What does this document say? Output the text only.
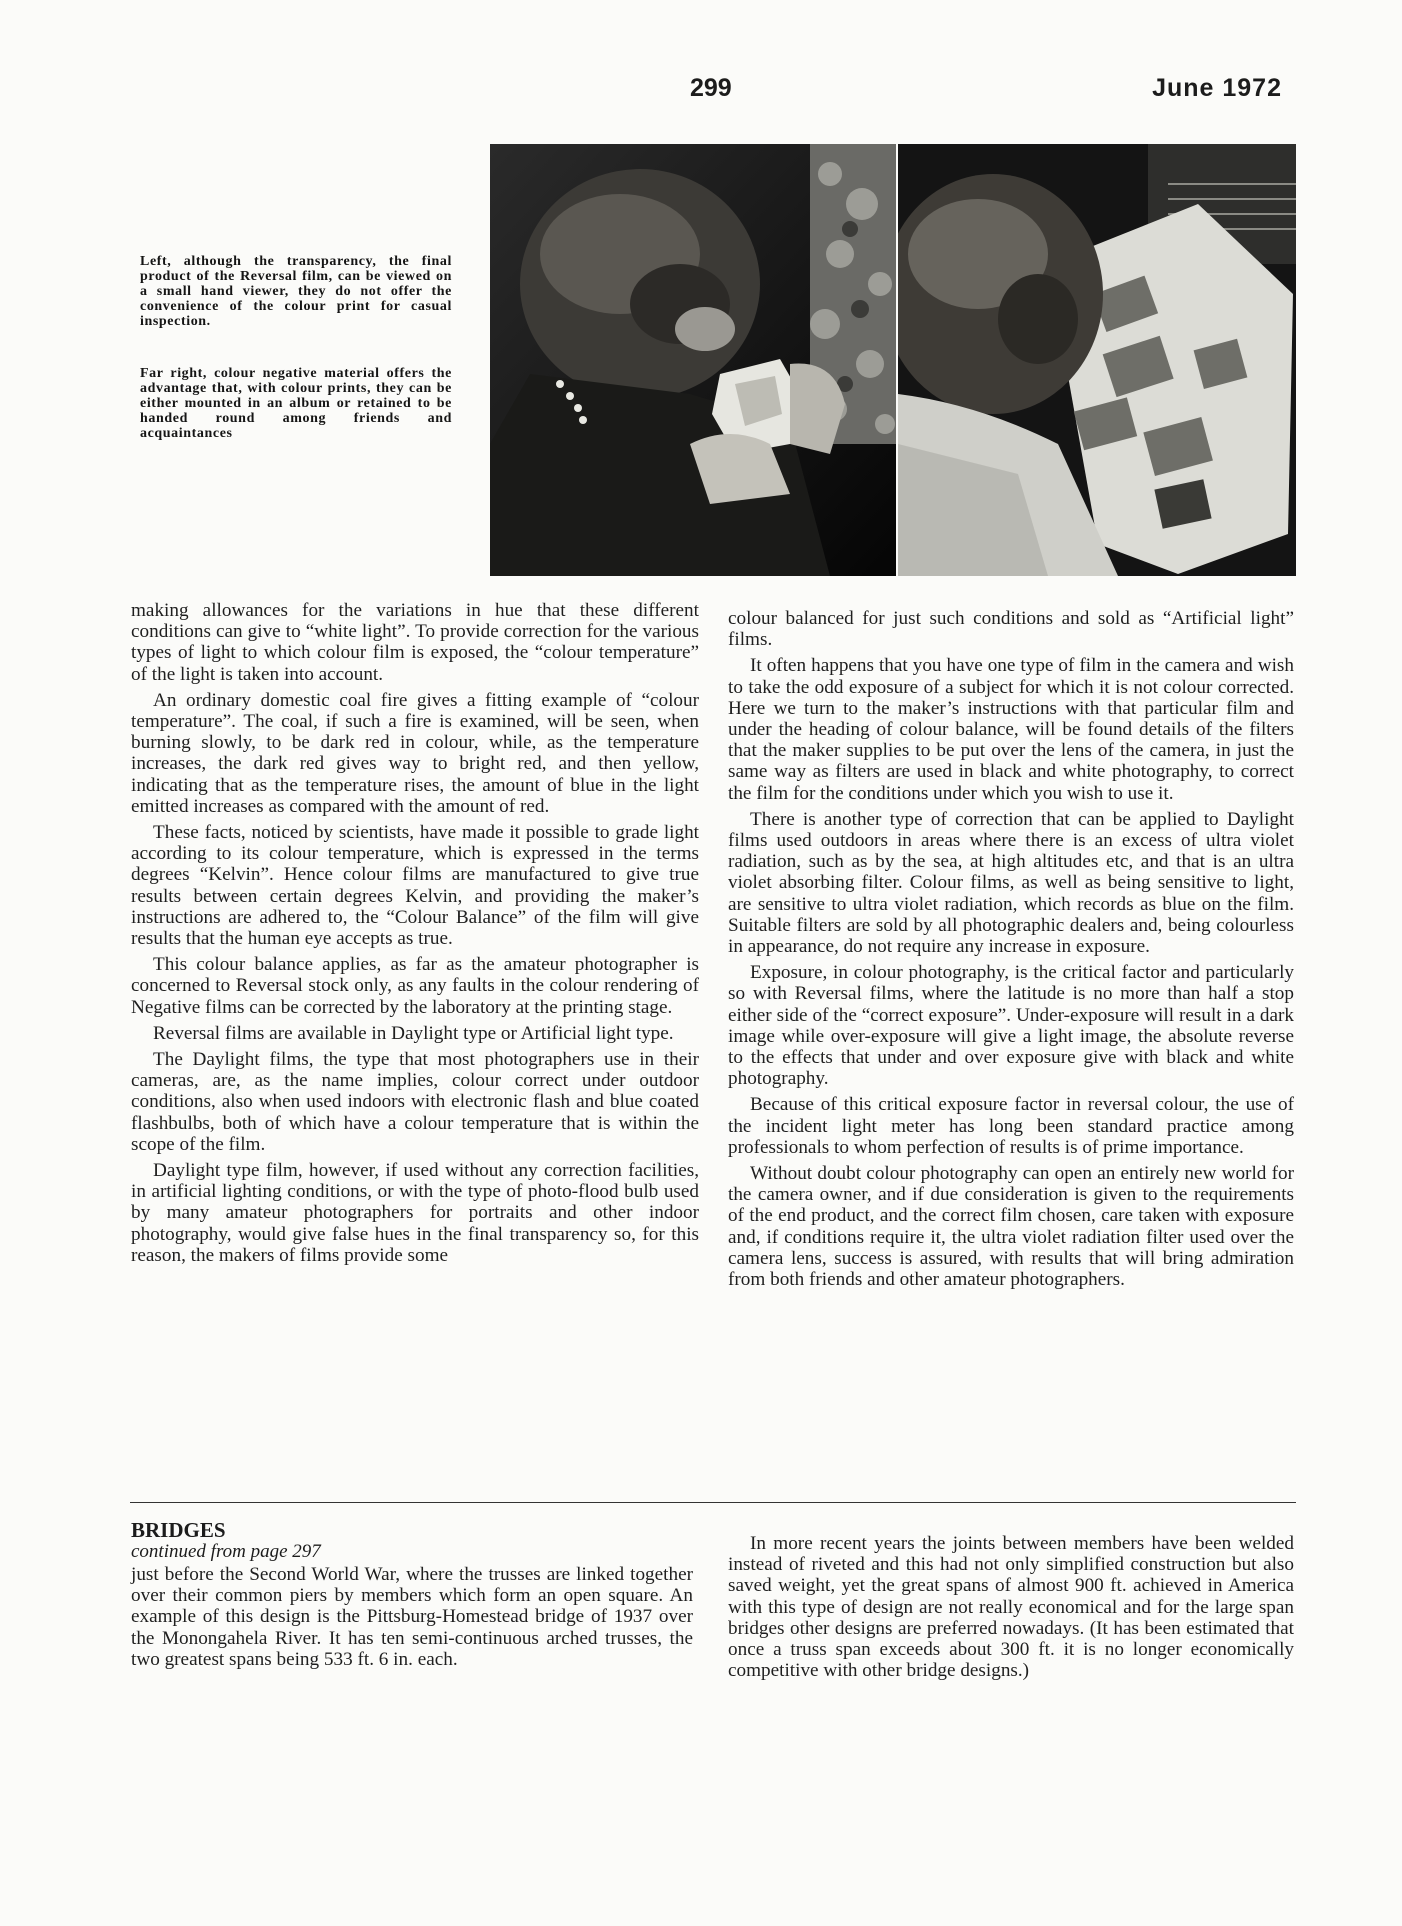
299	June 1972

Left, although the transparency, the final product of the Reversal film, can be viewed on a small hand viewer, they do not offer the convenience of the colour print for casual inspection.

Far right, colour negative material offers the advantage that, with colour prints, they can be either mounted in an album or retained to be handed round among friends and acquaintances

making allowances for the variations in hue that these different conditions can give to “white light”. To provide correction for the various types of light to which colour film is exposed, the “colour temperature” of the light is taken into account.

An ordinary domestic coal fire gives a fitting example of “colour temperature”. The coal, if such a fire is examined, will be seen, when burning slowly, to be dark red in colour, while, as the temperature increases, the dark red gives way to bright red, and then yellow, indicating that as the temperature rises, the amount of blue in the light emitted increases as compared with the amount of red.

These facts, noticed by scientists, have made it possible to grade light according to its colour temperature, which is expressed in the terms degrees “Kelvin”. Hence colour films are manufactured to give true results between certain degrees Kelvin, and providing the maker’s instructions are adhered to, the “Colour Balance” of the film will give results that the human eye accepts as true.

This colour balance applies, as far as the amateur photographer is concerned to Reversal stock only, as any faults in the colour rendering of Negative films can be corrected by the laboratory at the printing stage.

Reversal films are available in Daylight type or Artificial light type.

The Daylight films, the type that most photographers use in their cameras, are, as the name implies, colour correct under outdoor conditions, also when used indoors with electronic flash and blue coated flashbulbs, both of which have a colour temperature that is within the scope of the film.

Daylight type film, however, if used without any correction facilities, in artificial lighting conditions, or with the type of photo-flood bulb used by many amateur photographers for portraits and other indoor photography, would give false hues in the final transparency so, for this reason, the makers of films provide some

colour balanced for just such conditions and sold as “Artificial light” films.

It often happens that you have one type of film in the camera and wish to take the odd exposure of a subject for which it is not colour corrected. Here we turn to the maker’s instructions with that particular film and under the heading of colour balance, will be found details of the filters that the maker supplies to be put over the lens of the camera, in just the same way as filters are used in black and white photography, to correct the film for the conditions under which you wish to use it.

There is another type of correction that can be applied to Daylight films used outdoors in areas where there is an excess of ultra violet radiation, such as by the sea, at high altitudes etc, and that is an ultra violet absorbing filter. Colour films, as well as being sensitive to light, are sensitive to ultra violet radiation, which records as blue on the film. Suitable filters are sold by all photographic dealers and, being colourless in appearance, do not require any increase in exposure.

Exposure, in colour photography, is the critical factor and particularly so with Reversal films, where the latitude is no more than half a stop either side of the “correct exposure”. Under-exposure will result in a dark image while over-exposure will give a light image, the absolute reverse to the effects that under and over exposure give with black and white photography.

Because of this critical exposure factor in reversal colour, the use of the incident light meter has long been standard practice among professionals to whom perfection of results is of prime importance.

Without doubt colour photography can open an entirely new world for the camera owner, and if due consideration is given to the requirements of the end product, and the correct film chosen, care taken with exposure and, if conditions require it, the ultra violet radiation filter used over the camera lens, success is assured, with results that will bring admiration from both friends and other amateur photographers.

BRIDGES
continued from page 297

just before the Second World War, where the trusses are linked together over their common piers by members which form an open square. An example of this design is the Pittsburg-Homestead bridge of 1937 over the Monongahela River. It has ten semi-continuous arched trusses, the two greatest spans being 533 ft. 6 in. each.

In more recent years the joints between members have been welded instead of riveted and this had not only simplified construction but also saved weight, yet the great spans of almost 900 ft. achieved in America with this type of design are not really economical and for the large span bridges other designs are preferred nowadays. (It has been estimated that once a truss span exceeds about 300 ft. it is no longer economically competitive with other bridge designs.)
